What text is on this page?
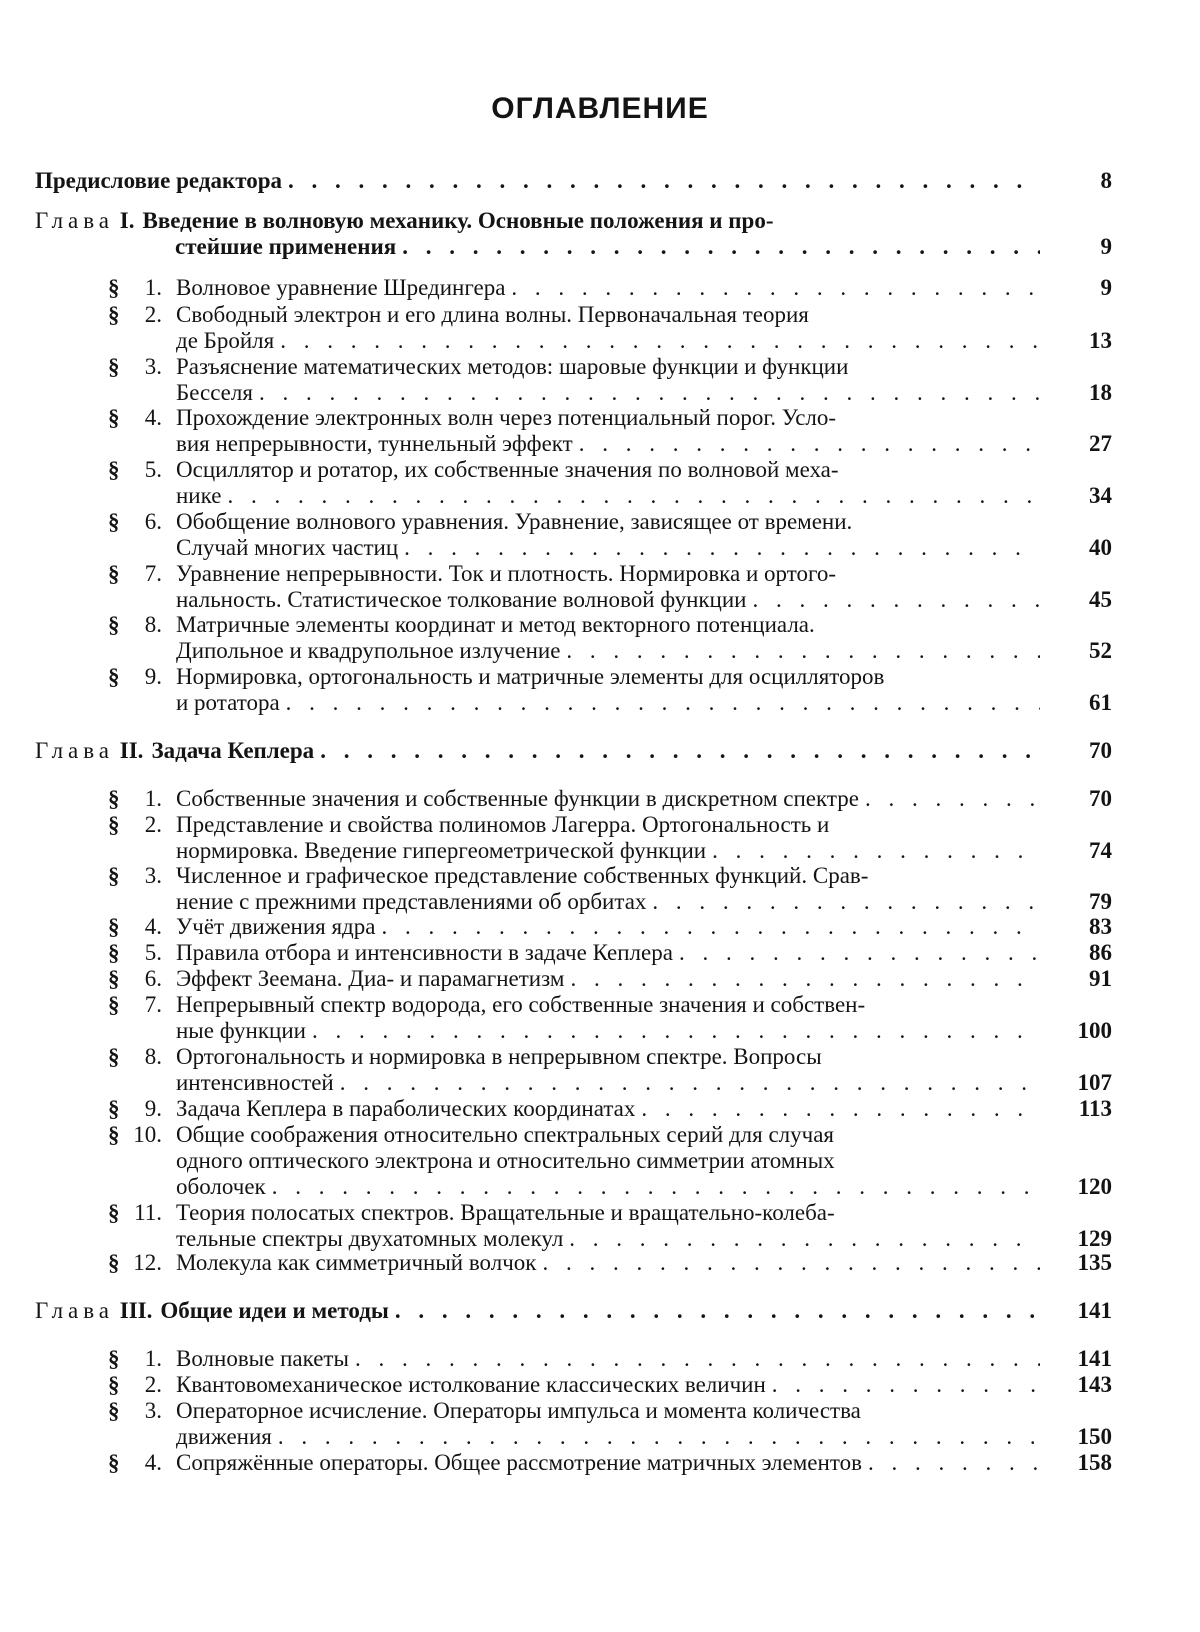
ОГЛАВЛЕНИЕ
Предисловие редактора . . .	8
Глава I. Введение в волновую механику. Основные положения и про-
стейшие применения . . .	9
§	1. Волновое уравнение Шредингера . . .	9
§	2. Свободный электрон и его длина волны. Первоначальная теория
де Бройля . . .	13
§	3. Разъяснение математических методов: шаровые функции и функции
Бесселя . . .	18
§	4. Прохождение электронных волн через потенциальный порог. Усло-
вия непрерывности, туннельный эффект . . .	27
§	5. Осциллятор и ротатор, их собственные значения по волновой меха-
нике . . .	34
§	6. Обобщение волнового уравнения. Уравнение, зависящее от времени.
Случай многих частиц . . .	40
§	7. Уравнение непрерывности. Ток и плотность. Нормировка и ортого-
нальность. Статистическое толкование волновой функции . . .	45
§	8. Матричные элементы координат и метод векторного потенциала.
Дипольное и квадрупольное излучение . . .	52
§	9. Нормировка, ортогональность и матричные элементы для осцилляторов
и ротатора . . .	61
Глава II. Задача Кеплера . . .	70
§	1. Собственные значения и собственные функции в дискретном спектре . . .	70
§	2. Представление и свойства полиномов Лагерра. Ортогональность и
нормировка. Введение гипергеометрической функции . . .	74
§	3. Численное и графическое представление собственных функций. Срав-
нение с прежними представлениями об орбитах . . .	79
§	4. Учёт движения ядра . . .	83
§	5. Правила отбора и интенсивности в задаче Кеплера . . .	86
§	6. Эффект Зеемана. Диа- и парамагнетизм . . .	91
§	7. Непрерывный спектр водорода, его собственные значения и собствен-
ные функции . . .	100
§	8. Ортогональность и нормировка в непрерывном спектре. Вопросы
интенсивностей . . .	107
§	9. Задача Кеплера в параболических координатах . . .	113
§ 10. Общие соображения относительно спектральных серий для случая
одного оптического электрона и относительно симметрии атомных
оболочек . . .	120
§ 11. Теория полосатых спектров. Вращательные и вращательно-колеба-
тельные спектры двухатомных молекул . . .	129
§ 12. Молекула как симметричный волчок . . .	135
Глава III. Общие идеи и методы . . .	141
§	1. Волновые пакеты . . .	141
§	2. Квантовомеханическое истолкование классических величин . . .	143
§	3. Операторное исчисление. Операторы импульса и момента количества
движения . . .	150
§	4. Сопряжённые операторы. Общее рассмотрение матричных элементов . . .	158
